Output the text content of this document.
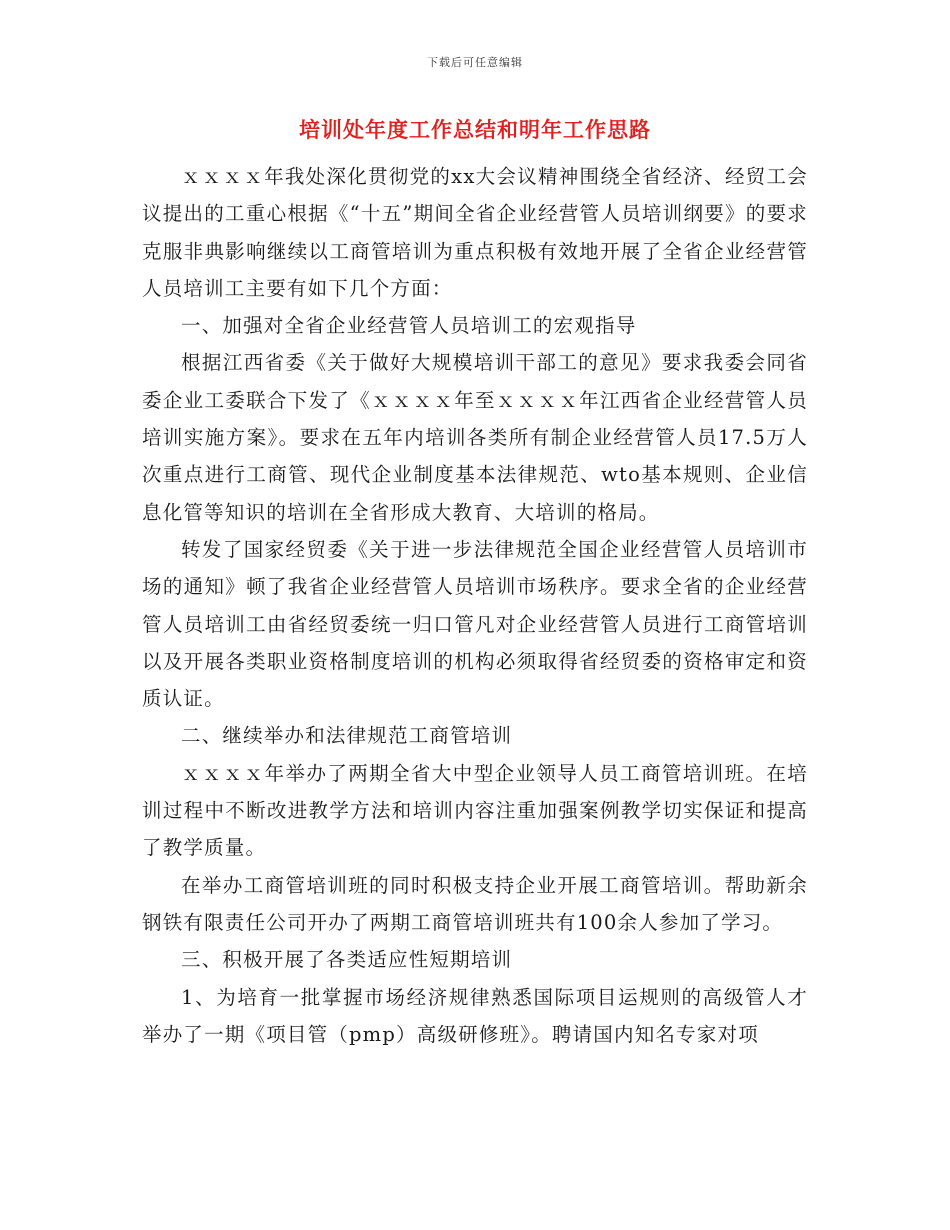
下载后可任意编辑
培训处年度工作总结和明年工作思路

ｘｘｘｘ年我处深化贯彻党的xx大会议精神围绕全省经济、经贸工会议提出的工重心根据《“十五”期间全省企业经营管人员培训纲要》的要求克服非典影响继续以工商管培训为重点积极有效地开展了全省企业经营管人员培训工主要有如下几个方面：

一、加强对全省企业经营管人员培训工的宏观指导

根据江西省委《关于做好大规模培训干部工的意见》要求我委会同省委企业工委联合下发了《ｘｘｘｘ年至ｘｘｘｘ年江西省企业经营管人员培训实施方案》。要求在五年内培训各类所有制企业经营管人员17.5万人次重点进行工商管、现代企业制度基本法律规范、wto基本规则、企业信息化管等知识的培训在全省形成大教育、大培训的格局。

转发了国家经贸委《关于进一步法律规范全国企业经营管人员培训市场的通知》顿了我省企业经营管人员培训市场秩序。要求全省的企业经营管人员培训工由省经贸委统一归口管凡对企业经营管人员进行工商管培训以及开展各类职业资格制度培训的机构必须取得省经贸委的资格审定和资质认证。

二、继续举办和法律规范工商管培训

ｘｘｘｘ年举办了两期全省大中型企业领导人员工商管培训班。在培训过程中不断改进教学方法和培训内容注重加强案例教学切实保证和提高了教学质量。

在举办工商管培训班的同时积极支持企业开展工商管培训。帮助新余钢铁有限责任公司开办了两期工商管培训班共有100余人参加了学习。

三、积极开展了各类适应性短期培训

1、为培育一批掌握市场经济规律熟悉国际项目运规则的高级管人才举办了一期《项目管（pmp）高级研修班》。聘请国内知名专家对项
